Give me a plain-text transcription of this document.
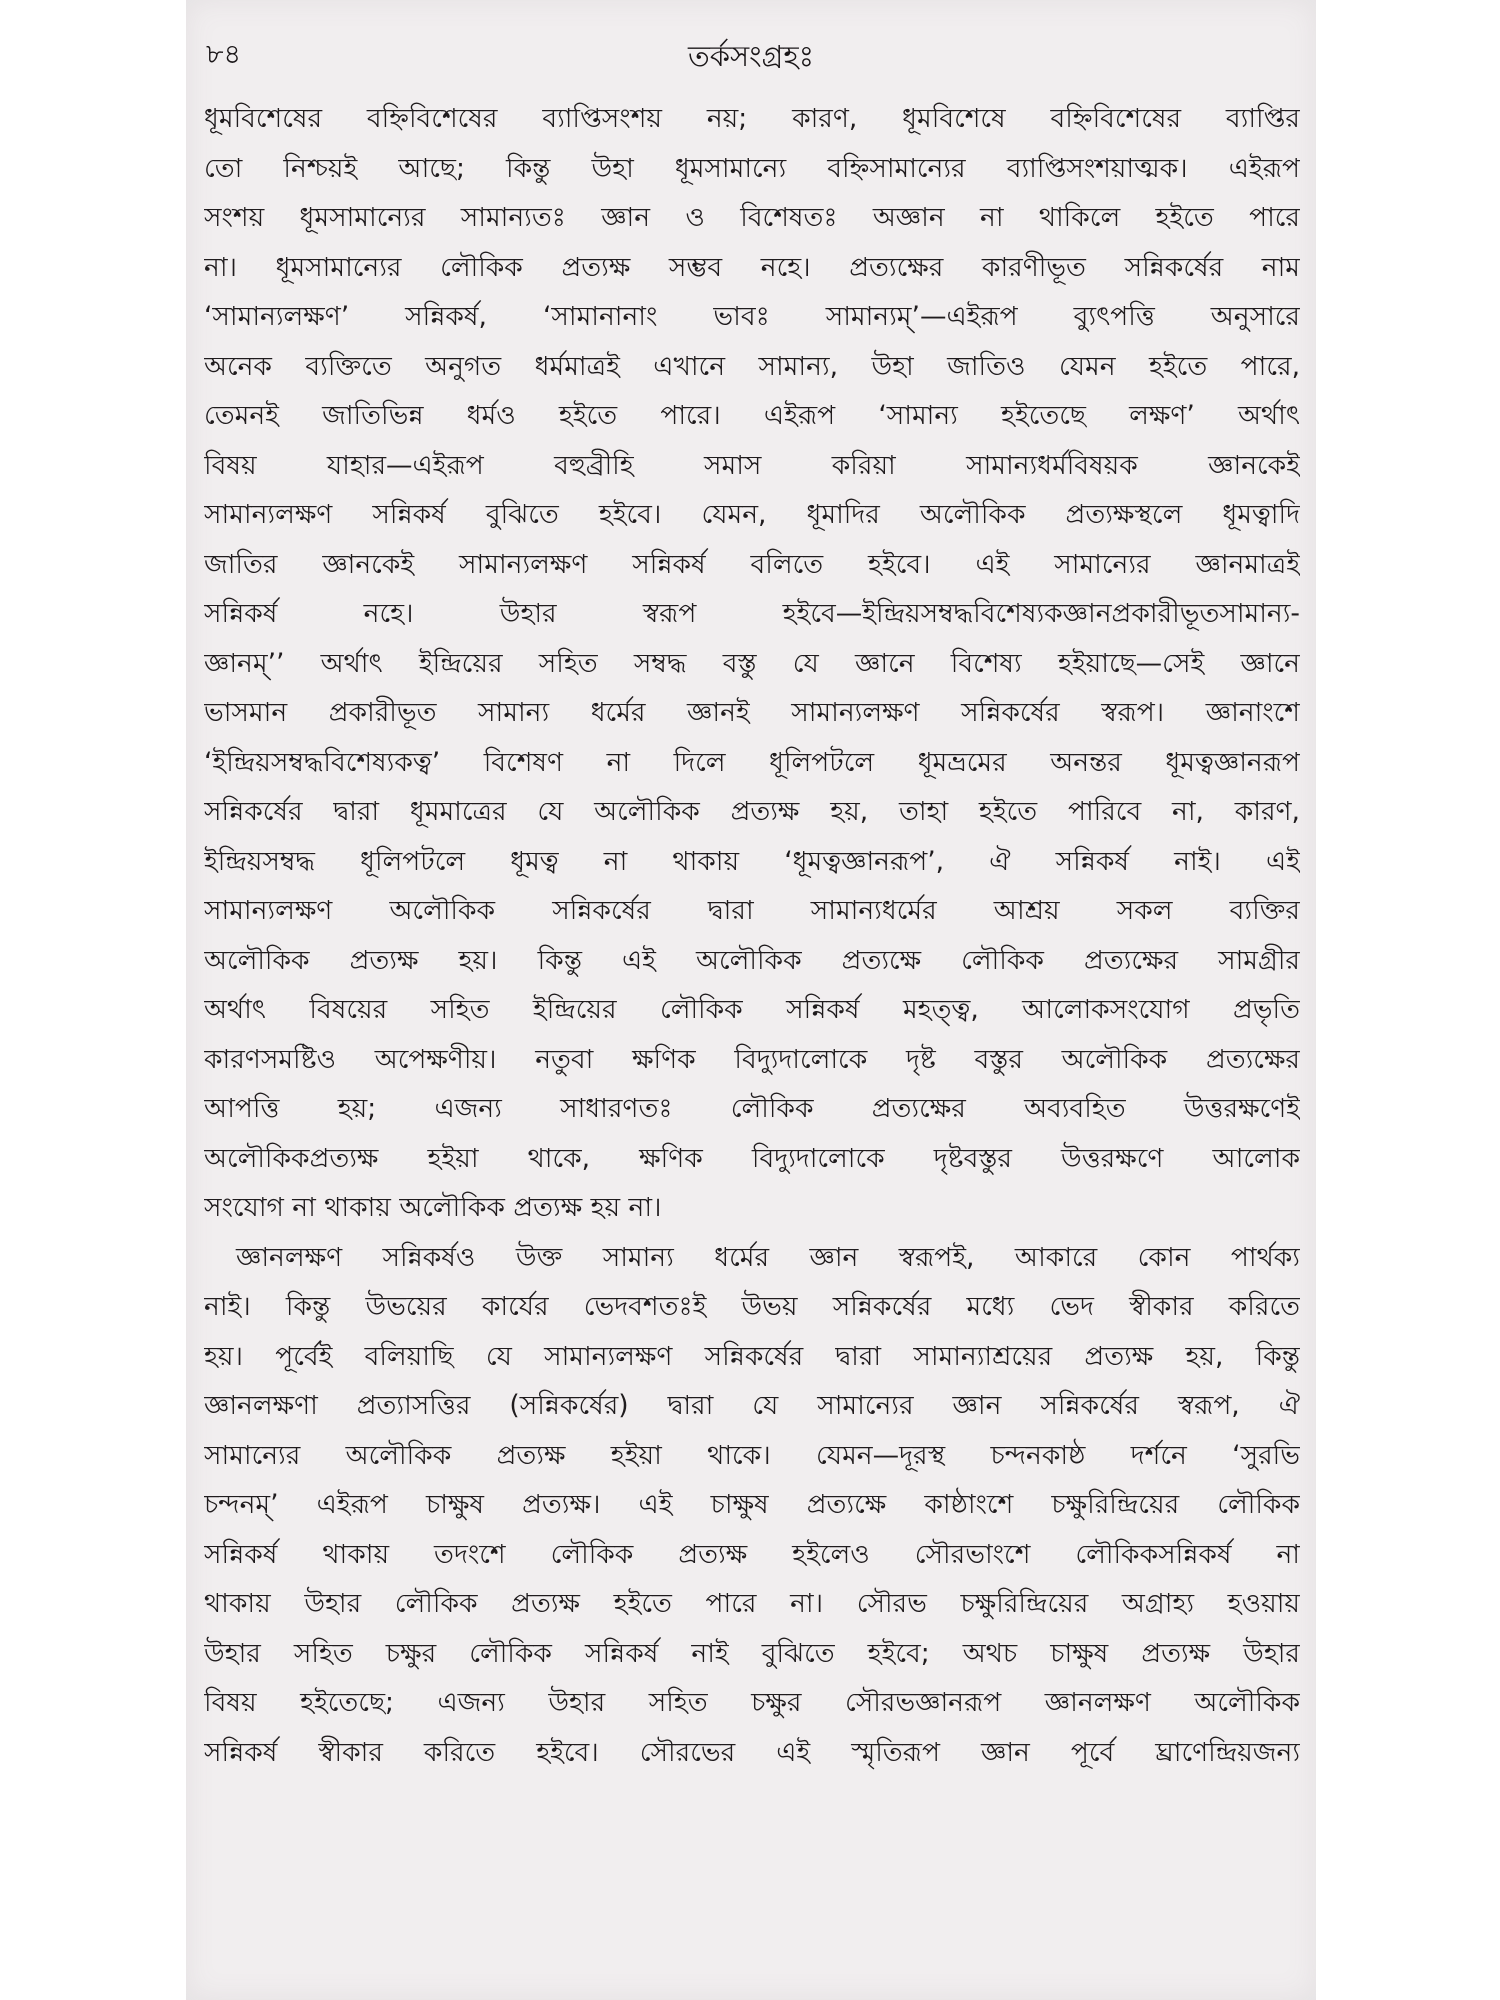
৮৪	তর্কসংগ্রহঃ
ধূমবিশেষের বহ্নিবিশেষের ব্যাপ্তিসংশয় নয়; কারণ, ধূমবিশেষে বহ্নিবিশেষের ব্যাপ্তির
তো নিশ্চয়ই আছে; কিন্তু উহা ধূমসামান্যে বহ্নিসামান্যের ব্যাপ্তিসংশয়াত্মক। এইরূপ
সংশয় ধূমসামান্যের সামান্যতঃ জ্ঞান ও বিশেষতঃ অজ্ঞান না থাকিলে হইতে পারে
না। ধূমসামান্যের লৌকিক প্রত্যক্ষ সম্ভব নহে। প্রত্যক্ষের কারণীভূত সন্নিকর্ষের নাম
‘সামান্যলক্ষণ’ সন্নিকর্ষ, ‘সামানানাং ভাবঃ সামান্যম্’—এইরূপ ব্যুৎপত্তি অনুসারে
অনেক ব্যক্তিতে অনুগত ধর্মমাত্রই এখানে সামান্য, উহা জাতিও যেমন হইতে পারে,
তেমনই জাতিভিন্ন ধর্মও হইতে পারে। এইরূপ ‘সামান্য হইতেছে লক্ষণ’ অর্থাৎ
বিষয় যাহার—এইরূপ বহুব্রীহি সমাস করিয়া সামান্যধর্মবিষয়ক জ্ঞানকেই
সামান্যলক্ষণ সন্নিকর্ষ বুঝিতে হইবে। যেমন, ধূমাদির অলৌকিক প্রত্যক্ষস্থলে ধূমত্বাদি
জাতির জ্ঞানকেই সামান্যলক্ষণ সন্নিকর্ষ বলিতে হইবে। এই সামান্যের জ্ঞানমাত্রই
সন্নিকর্ষ নহে। উহার স্বরূপ হইবে—ইন্দ্রিয়সম্বদ্ধবিশেষ্যকজ্ঞানপ্রকারীভূতসামান্য-
জ্ঞানম্’’ অর্থাৎ ইন্দ্রিয়ের সহিত সম্বদ্ধ বস্তু যে জ্ঞানে বিশেষ্য হইয়াছে—সেই জ্ঞানে
ভাসমান প্রকারীভূত সামান্য ধর্মের জ্ঞানই সামান্যলক্ষণ সন্নিকর্ষের স্বরূপ। জ্ঞানাংশে
‘ইন্দ্রিয়সম্বদ্ধবিশেষ্যকত্ব’ বিশেষণ না দিলে ধূলিপটলে ধূমভ্রমের অনন্তর ধূমত্বজ্ঞানরূপ
সন্নিকর্ষের দ্বারা ধূমমাত্রের যে অলৌকিক প্রত্যক্ষ হয়, তাহা হইতে পারিবে না, কারণ,
ইন্দ্রিয়সম্বদ্ধ ধূলিপটলে ধূমত্ব না থাকায় ‘ধূমত্বজ্ঞানরূপ’, ঐ সন্নিকর্ষ নাই। এই
সামান্যলক্ষণ অলৌকিক সন্নিকর্ষের দ্বারা সামান্যধর্মের আশ্রয় সকল ব্যক্তির
অলৌকিক প্রত্যক্ষ হয়। কিন্তু এই অলৌকিক প্রত্যক্ষে লৌকিক প্রত্যক্ষের সামগ্রীর
অর্থাৎ বিষয়ের সহিত ইন্দ্রিয়ের লৌকিক সন্নিকর্ষ মহত্ত্ব, আলোকসংযোগ প্রভৃতি
কারণসমষ্টিও অপেক্ষণীয়। নতুবা ক্ষণিক বিদ্যুদালোকে দৃষ্ট বস্তুর অলৌকিক প্রত্যক্ষের
আপত্তি হয়; এজন্য সাধারণতঃ লৌকিক প্রত্যক্ষের অব্যবহিত উত্তরক্ষণেই
অলৌকিকপ্রত্যক্ষ হইয়া থাকে, ক্ষণিক বিদ্যুদালোকে দৃষ্টবস্তুর উত্তরক্ষণে আলোক
সংযোগ না থাকায় অলৌকিক প্রত্যক্ষ হয় না।
জ্ঞানলক্ষণ সন্নিকর্ষও উক্ত সামান্য ধর্মের জ্ঞান স্বরূপই, আকারে কোন পার্থক্য
নাই। কিন্তু উভয়ের কার্যের ভেদবশতঃই উভয় সন্নিকর্ষের মধ্যে ভেদ স্বীকার করিতে
হয়। পূর্বেই বলিয়াছি যে সামান্যলক্ষণ সন্নিকর্ষের দ্বারা সামান্যাশ্রয়ের প্রত্যক্ষ হয়, কিন্তু
জ্ঞানলক্ষণা প্রত্যাসত্তির (সন্নিকর্ষের) দ্বারা যে সামান্যের জ্ঞান সন্নিকর্ষের স্বরূপ, ঐ
সামান্যের অলৌকিক প্রত্যক্ষ হইয়া থাকে। যেমন—দূরস্থ চন্দনকাষ্ঠ দর্শনে ‘সুরভি
চন্দনম্’ এইরূপ চাক্ষুষ প্রত্যক্ষ। এই চাক্ষুষ প্রত্যক্ষে কাষ্ঠাংশে চক্ষুরিন্দ্রিয়ের লৌকিক
সন্নিকর্ষ থাকায় তদংশে লৌকিক প্রত্যক্ষ হইলেও সৌরভাংশে লৌকিকসন্নিকর্ষ না
থাকায় উহার লৌকিক প্রত্যক্ষ হইতে পারে না। সৌরভ চক্ষুরিন্দ্রিয়ের অগ্রাহ্য হওয়ায়
উহার সহিত চক্ষুর লৌকিক সন্নিকর্ষ নাই বুঝিতে হইবে; অথচ চাক্ষুষ প্রত্যক্ষ উহার
বিষয় হইতেছে; এজন্য উহার সহিত চক্ষুর সৌরভজ্ঞানরূপ জ্ঞানলক্ষণ অলৌকিক
সন্নিকর্ষ স্বীকার করিতে হইবে। সৌরভের এই স্মৃতিরূপ জ্ঞান পূর্বে ঘ্রাণেন্দ্রিয়জন্য
